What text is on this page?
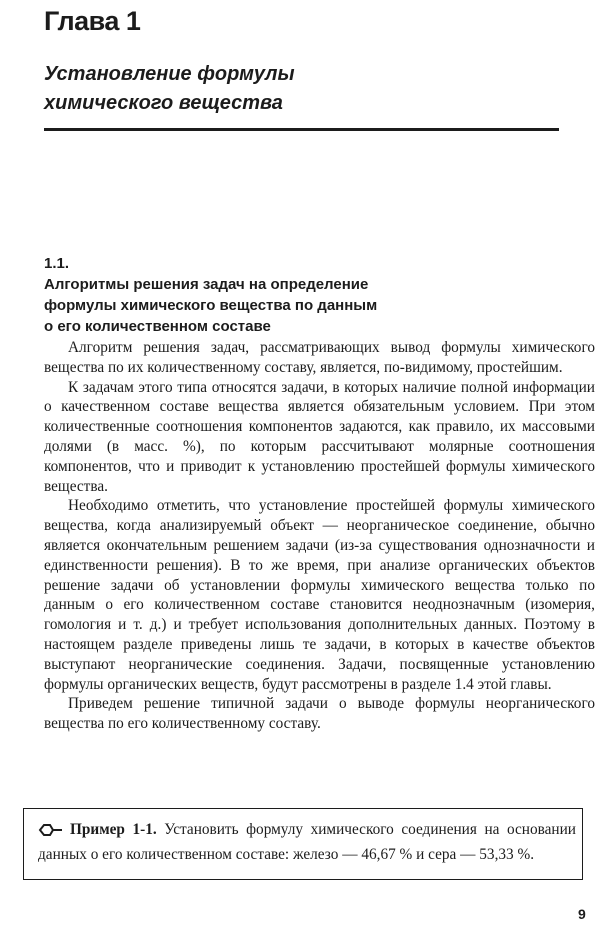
Глава 1
Установление формулы
химического вещества
1.1.
Алгоритмы решения задач на определение
формулы химического вещества по данным
о его количественном составе

Алгоритм решения задач, рассматривающих вывод формулы химического вещества по их количественному составу, является, по-видимому, простейшим.

К задачам этого типа относятся задачи, в которых наличие полной информации о качественном составе вещества является обязательным условием. При этом количественные соотношения компонентов задаются, как правило, их массовыми долями (в масс. %), по которым рассчитывают молярные соотношения компонентов, что и приводит к установлению простейшей формулы химического вещества.

Необходимо отметить, что установление простейшей формулы химического вещества, когда анализируемый объект — неорганическое соединение, обычно является окончательным решением задачи (из-за существования однозначности и единственности решения). В то же время, при анализе органических объектов решение задачи об установлении формулы химического вещества только по данным о его количественном составе становится неоднозначным (изомерия, гомология и т. д.) и требует использования дополнительных данных. Поэтому в настоящем разделе приведены лишь те задачи, в которых в качестве объектов выступают неорганические соединения. Задачи, посвященные установлению формулы органических веществ, будут рассмотрены в разделе 1.4 этой главы.

Приведем решение типичной задачи о выводе формулы неорганического вещества по его количественному составу.

Пример 1-1. Установить формулу химического соединения на основании данных о его количественном составе: железо — 46,67 % и сера — 53,33 %.
9
